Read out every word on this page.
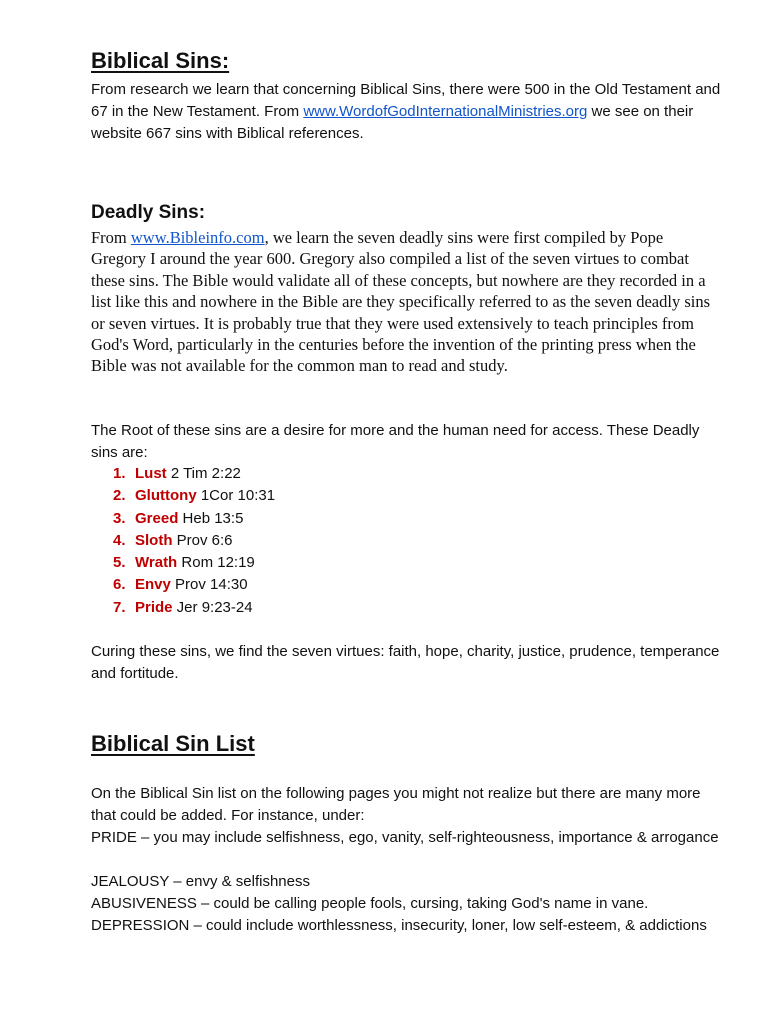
Biblical Sins:

From research we learn that concerning Biblical Sins, there were 500 in the Old Testament and 67 in the New Testament. From www.WordofGodInternationalMinistries.org we see on their website 667 sins with Biblical references.

Deadly Sins:

From www.Bibleinfo.com, we learn the seven deadly sins were first compiled by Pope Gregory I around the year 600. Gregory also compiled a list of the seven virtues to combat these sins. The Bible would validate all of these concepts, but nowhere are they recorded in a list like this and nowhere in the Bible are they specifically referred to as the seven deadly sins or seven virtues. It is probably true that they were used extensively to teach principles from God's Word, particularly in the centuries before the invention of the printing press when the Bible was not available for the common man to read and study.

The Root of these sins are a desire for more and the human need for access. These Deadly sins are:

1. Lust 2 Tim 2:22
2. Gluttony 1Cor 10:31
3. Greed Heb 13:5
4. Sloth Prov 6:6
5. Wrath Rom 12:19
6. Envy Prov 14:30
7. Pride Jer 9:23-24

Curing these sins, we find the seven virtues: faith, hope, charity, justice, prudence, temperance and fortitude.

Biblical Sin List

On the Biblical Sin list on the following pages you might not realize but there are many more that could be added. For instance, under:

PRIDE – you may include selfishness, ego, vanity, self-righteousness, importance & arrogance

JEALOUSY – envy & selfishness

ABUSIVENESS – could be calling people fools, cursing, taking God's name in vane.

DEPRESSION – could include worthlessness, insecurity, loner, low self-esteem, & addictions
